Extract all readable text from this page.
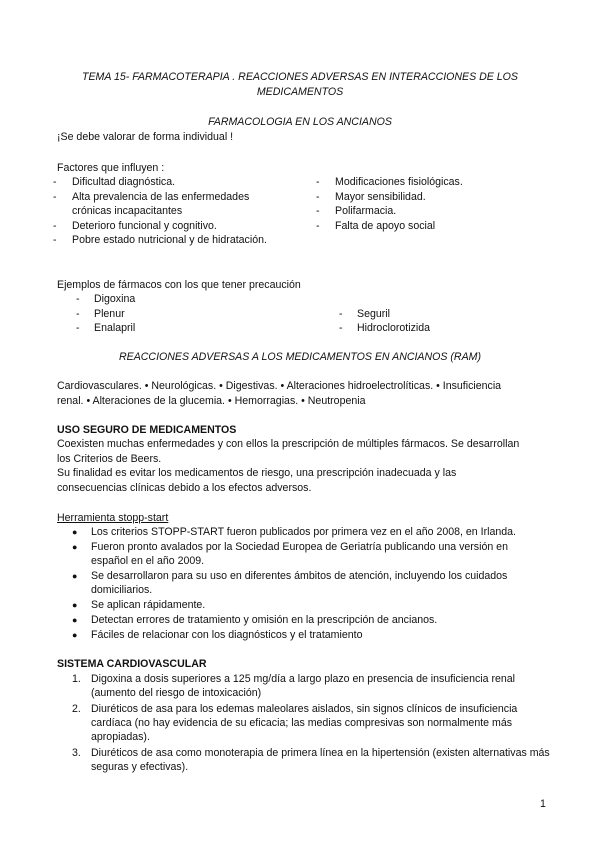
TEMA 15- FARMACOTERAPIA . REACCIONES ADVERSAS EN INTERACCIONES DE LOS
MEDICAMENTOS
FARMACOLOGIA EN LOS ANCIANOS
¡Se debe valorar de forma individual !
Factores que influyen :
- Dificultad diagnóstica.
- Alta prevalencia de las enfermedades
crónicas incapacitantes
- Deterioro funcional y cognitivo.
- Pobre estado nutricional y de hidratación.
- Modificaciones fisiológicas.
- Mayor sensibilidad.
- Polifarmacia.
- Falta de apoyo social
Ejemplos de fármacos con los que tener precaución
- Digoxina
- Plenur
- Enalapril
- Seguril
- Hidroclorotizida
REACCIONES ADVERSAS A LOS MEDICAMENTOS EN ANCIANOS (RAM)
Cardiovasculares. • Neurológicas. • Digestivas. • Alteraciones hidroelectrolíticas. • Insuficiencia
renal. • Alteraciones de la glucemia. • Hemorragias. • Neutropenia
USO SEGURO DE MEDICAMENTOS
Coexisten muchas enfermedades y con ellos la prescripción de múltiples fármacos. Se desarrollan
los Criterios de Beers.
Su finalidad es evitar los medicamentos de riesgo, una prescripción inadecuada y las
consecuencias clínicas debido a los efectos adversos.
Herramienta stopp-start
● Los criterios STOPP-START fueron publicados por primera vez en el año 2008, en Irlanda.
● Fueron pronto avalados por la Sociedad Europea de Geriatría publicando una versión en español en el año 2009.
● Se desarrollaron para su uso en diferentes ámbitos de atención, incluyendo los cuidados domiciliarios.
● Se aplican rápidamente.
● Detectan errores de tratamiento y omisión en la prescripción de ancianos.
● Fáciles de relacionar con los diagnósticos y el tratamiento
SISTEMA CARDIOVASCULAR
1. Digoxina a dosis superiores a 125 mg/día a largo plazo en presencia de insuficiencia renal (aumento del riesgo de intoxicación)
2. Diuréticos de asa para los edemas maleolares aislados, sin signos clínicos de insuficiencia cardíaca (no hay evidencia de su eficacia; las medias compresivas son normalmente más apropiadas).
3. Diuréticos de asa como monoterapia de primera línea en la hipertensión (existen alternativas más seguras y efectivas).
1
